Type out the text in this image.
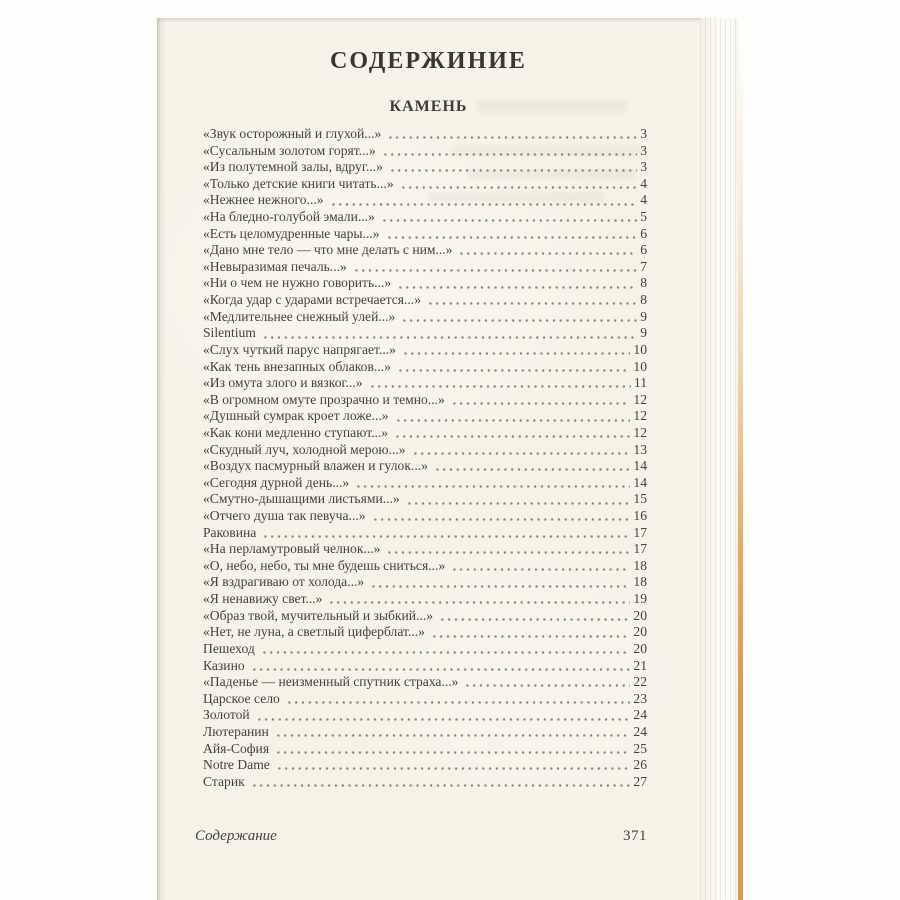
СОДЕРЖИНИЕ
КАМЕНЬ
«Звук осторожный и глухой...»	3
«Сусальным золотом горят...»	3
«Из полутемной залы, вдруг...»	3
«Только детские книги читать...»	4
«Нежнее нежного...»	4
«На бледно-голубой эмали...»	5
«Есть целомудренные чары...»	6
«Дано мне тело — что мне делать с ним...»	6
«Невыразимая печаль...»	7
«Ни о чем не нужно говорить...»	8
«Когда удар с ударами встречается...»	8
«Медлительнее снежный улей...»	9
Silentium	9
«Слух чуткий парус напрягает...»	10
«Как тень внезапных облаков...»	10
«Из омута злого и вязког...»	11
«В огромном омуте прозрачно и темно...»	12
«Душный сумрак кроет ложе...»	12
«Как кони медленно ступают...»	12
«Скудный луч, холодной мерою...»	13
«Воздух пасмурный влажен и гулок...»	14
«Сегодня дурной день...»	14
«Смутно-дышащими листьями...»	15
«Отчего душа так певуча...»	16
Раковина	17
«На перламутровый челнок...»	17
«О, небо, небо, ты мне будешь сниться...»	18
«Я вздрагиваю от холода...»	18
«Я ненавижу свет...»	19
«Образ твой, мучительный и зыбкий...»	20
«Нет, не луна, а светлый циферблат...»	20
Пешеход	20
Казино	21
«Паденье — неизменный спутник страха...»	22
Царское село	23
Золотой	24
Лютеранин	24
Айя-София	25
Notre Dame	26
Старик	27
Содержание	371
